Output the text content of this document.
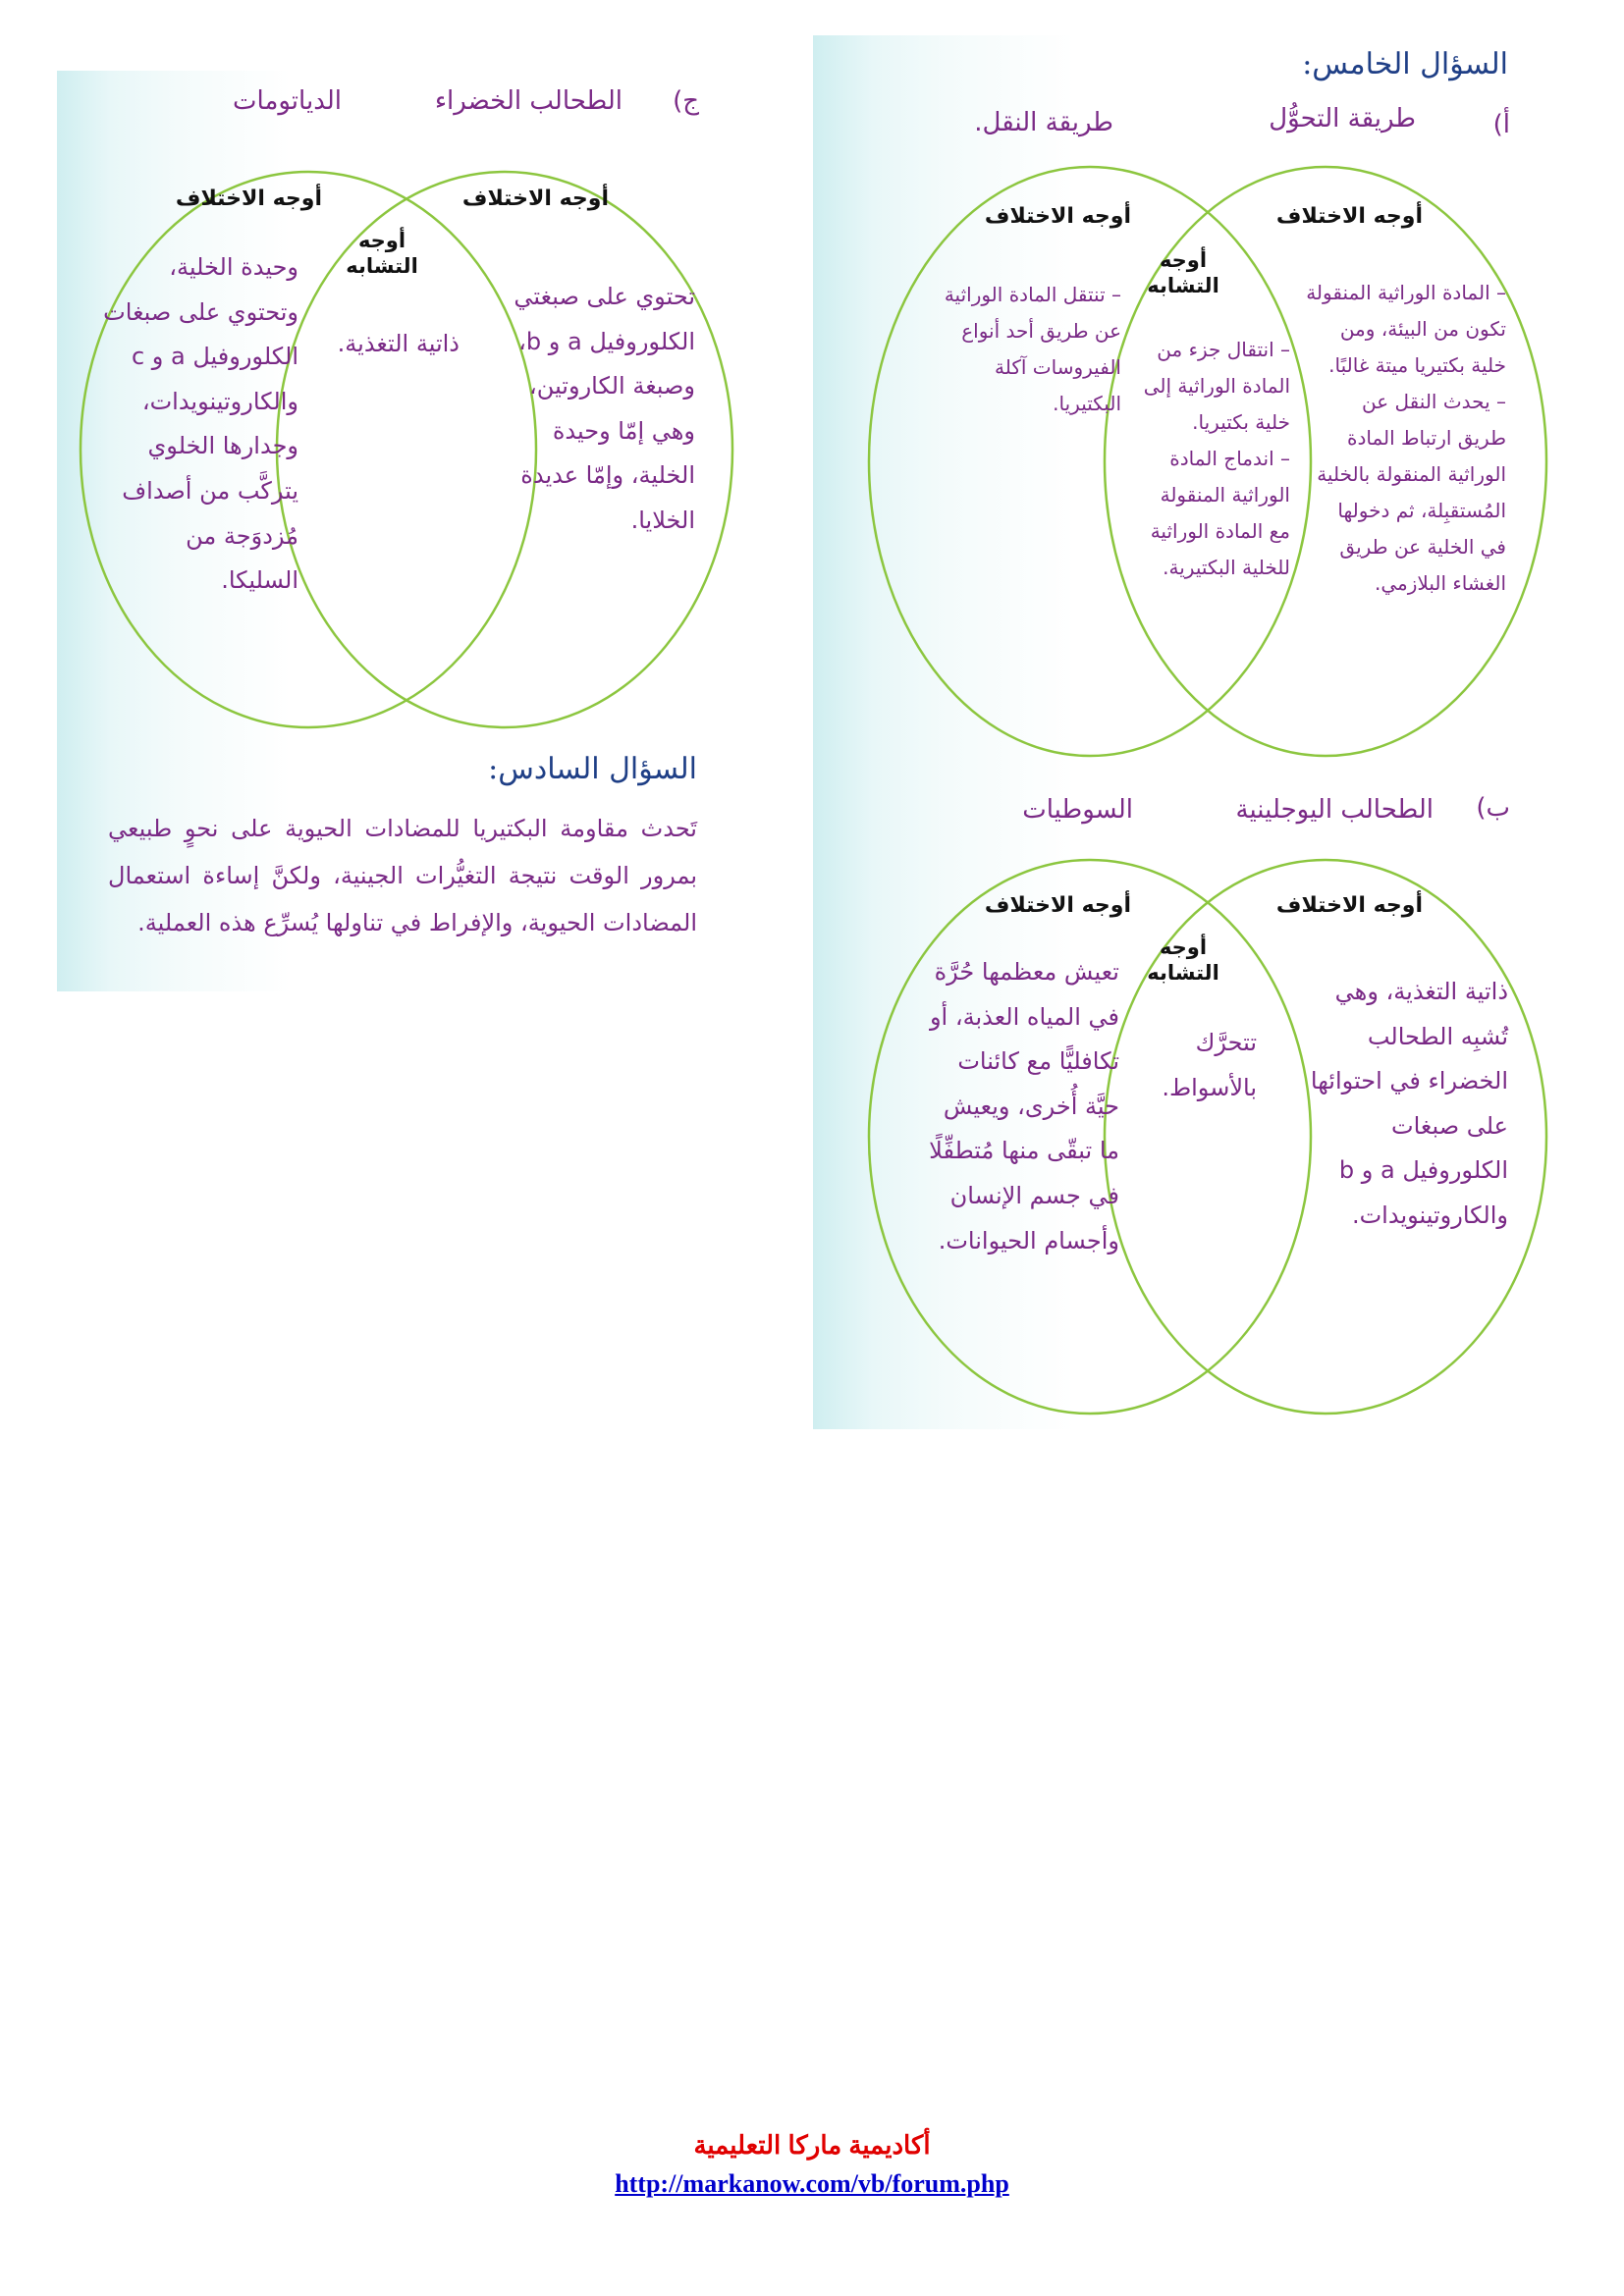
السؤال الخامس:
أ)
طريقة التحوُّل
طريقة النقل.
أوجه الاختلاف
أوجه الاختلاف
أوجه
التشابه	– المادة الوراثية المنقولة
تكون من البيئة، ومن
خلية بكتيريا ميتة غالبًا.
– يحدث النقل عن
طريق ارتباط المادة
الوراثية المنقولة بالخلية
المُستقبِلة، ثم دخولها
في الخلية عن طريق
الغشاء البلازمي.
– انتقال جزء من
المادة الوراثية إلى
خلية بكتيريا.
– اندماج المادة
الوراثية المنقولة
مع المادة الوراثية
للخلية البكتيرية.
– تنتقل المادة الوراثية
عن طريق أحد أنواع
الفيروسات آكلة
البكتيريا.
ب)
الطحالب اليوجلينية
السوطيات
أوجه الاختلاف
أوجه الاختلاف
أوجه
التشابه
ذاتية التغذية، وهي
تُشبِه الطحالب
الخضراء في احتوائها
على صبغات
الكلوروفيل a و b
والكاروتينويدات.
تتحرَّك
بالأسواط.
تعيش معظمها حُرَّة
في المياه العذبة، أو
تكافليًّا مع كائنات
حيَّة أُخرى، ويعيش
ما تبقّى منها مُتطفِّلًا
في جسم الإنسان
وأجسام الحيوانات.
ج)
الطحالب الخضراء
الدياتومات
أوجه الاختلاف
أوجه الاختلاف
أوجه
التشابه
تحتوي على صبغتي
الكلوروفيل a و b،
وصبغة الكاروتين،
وهي إمّا وحيدة
الخلية، وإمّا عديدة
الخلايا.
ذاتية التغذية.
وحيدة الخلية،
وتحتوي على صبغات
الكلوروفيل a و c
والكاروتينويدات،
وجدارها الخلوي
يتركَّب من أصداف
مُزدوَجة من
السليكا.
السؤال السادس:
تَحدث مقاومة البكتيريا للمضادات الحيوية على نحوٍ طبيعي بمرور الوقت نتيجة التغيُّرات الجينية، ولكنَّ إساءة استعمال المضادات الحيوية، والإفراط في تناولها يُسرِّع هذه العملية.
أكاديمية ماركا التعليمية
http://markanow.com/vb/forum.php
